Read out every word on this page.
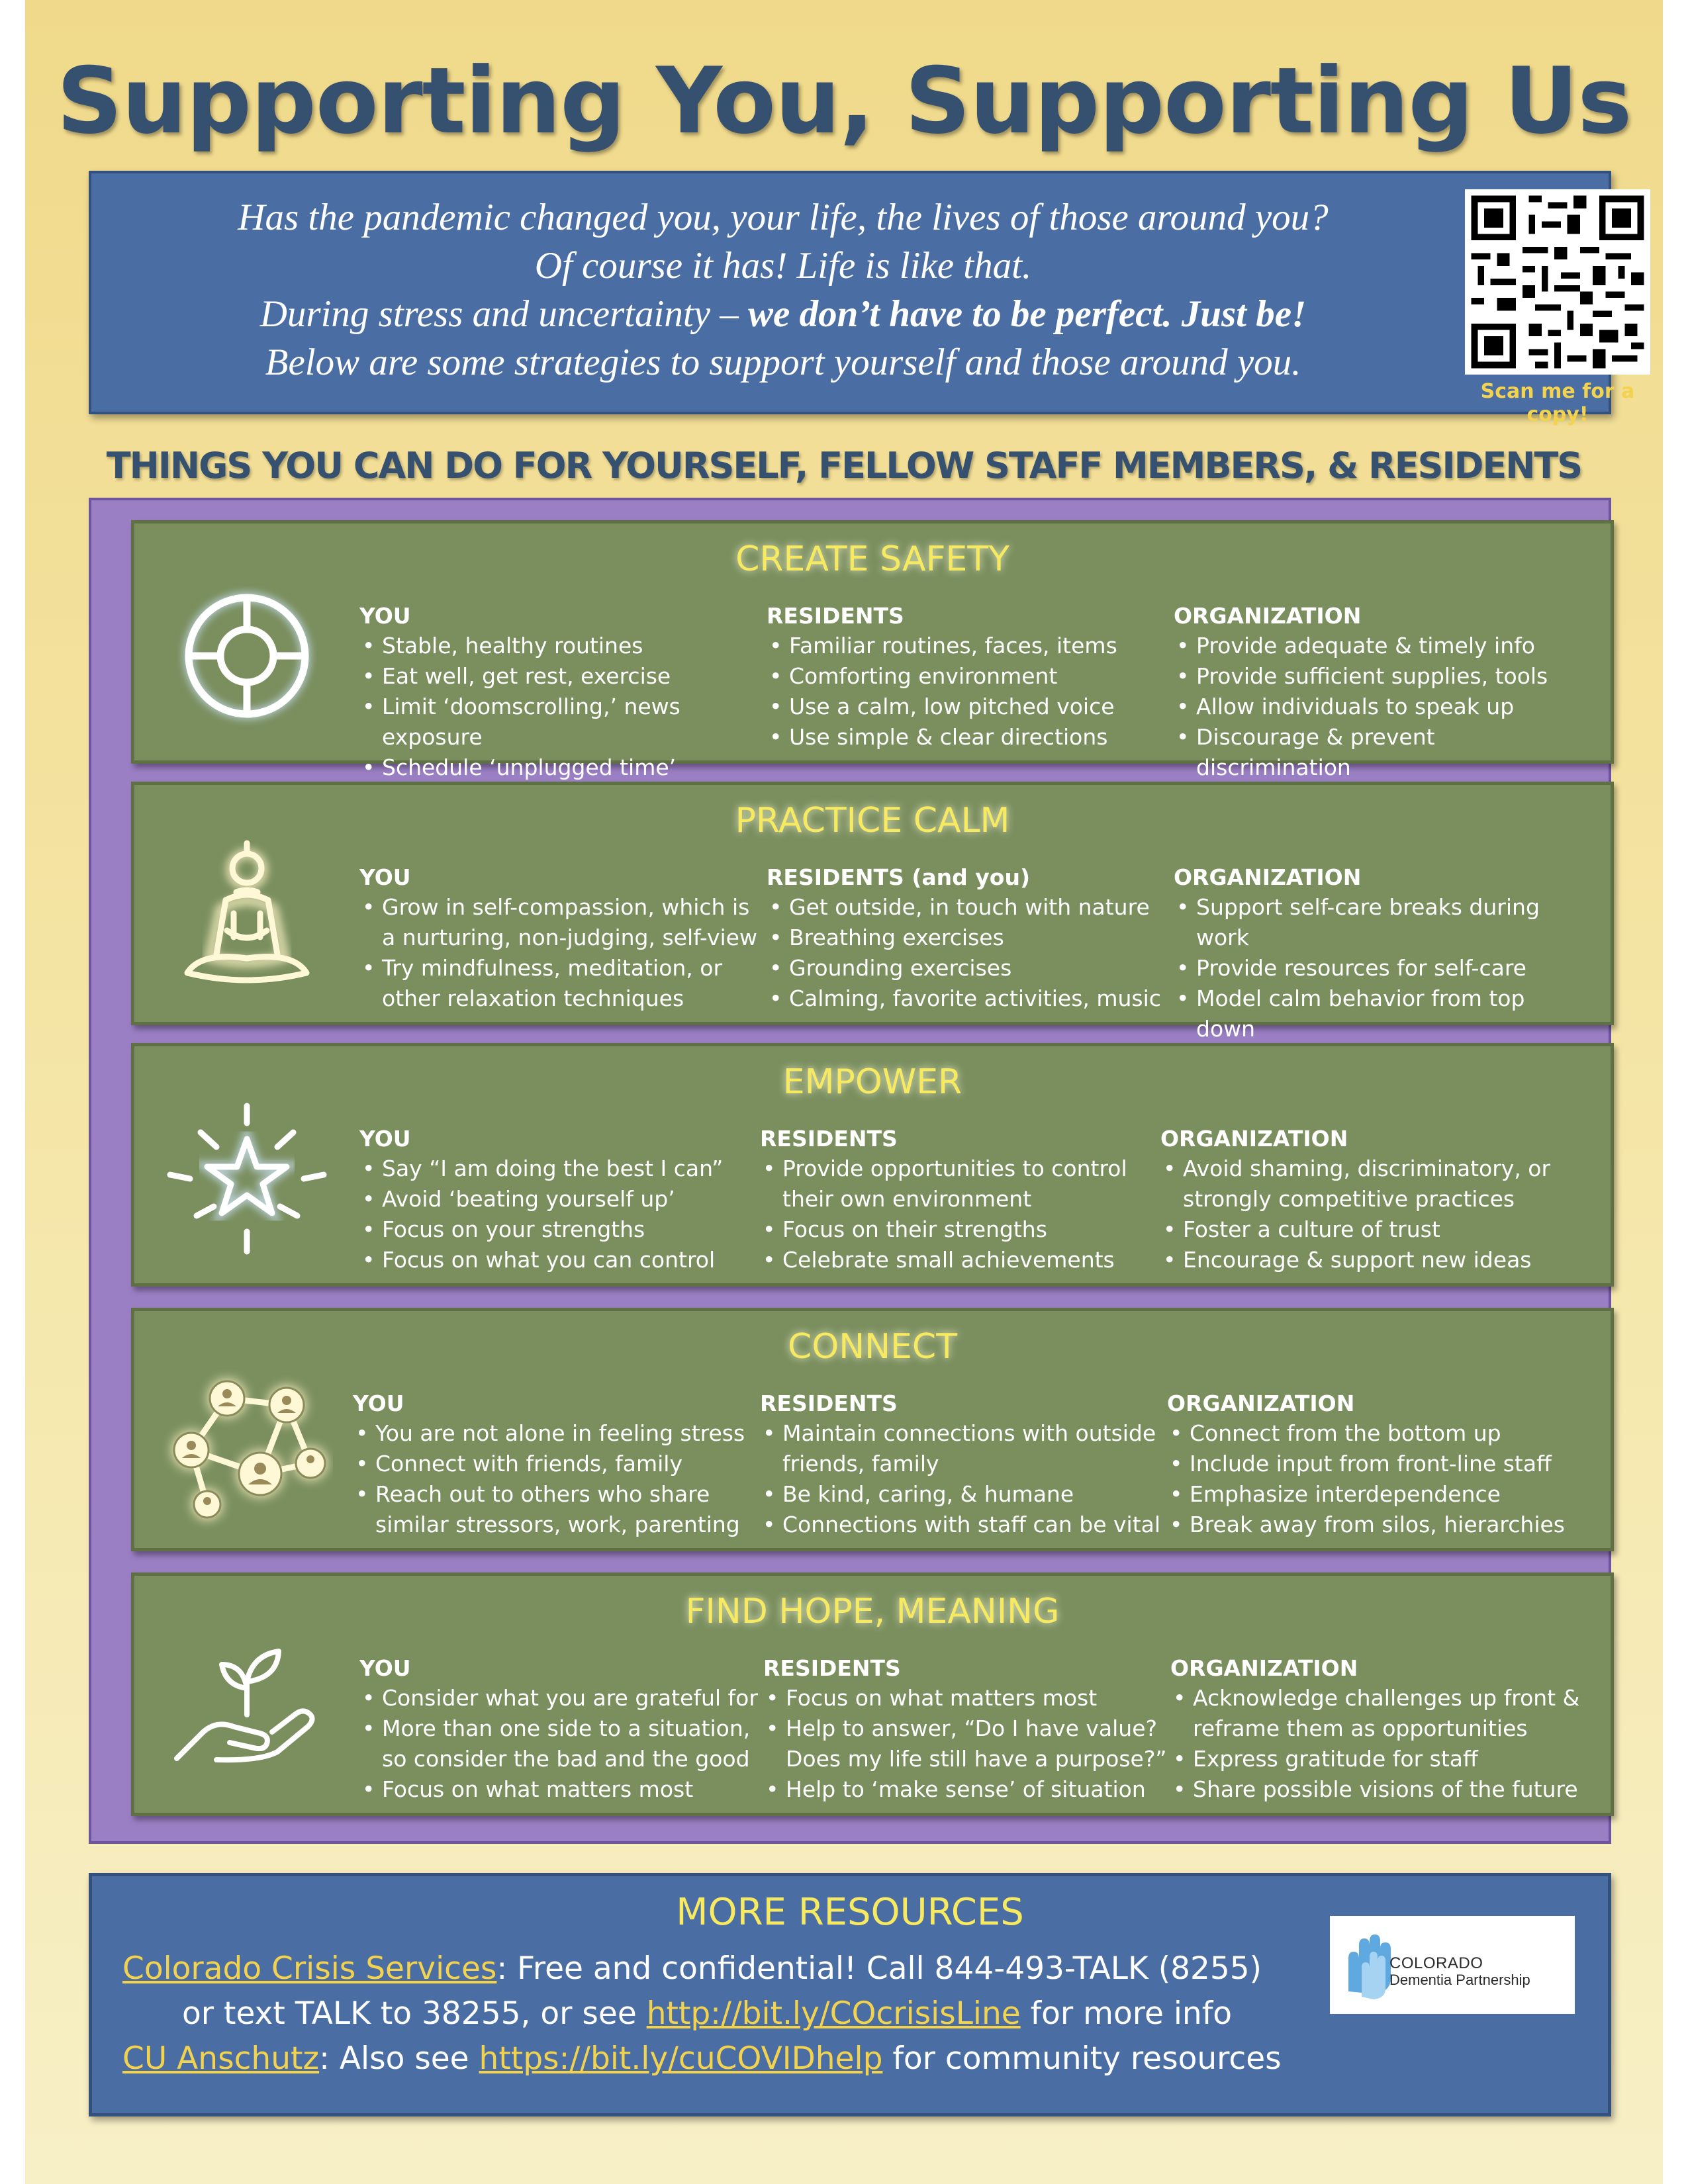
Supporting You, Supporting Us
Has the pandemic changed you, your life, the lives of those around you?
Of course it has! Life is like that.
During stress and uncertainty – we don’t have to be perfect. Just be!
Below are some strategies to support yourself and those around you.
Scan me for a copy!
THINGS YOU CAN DO FOR YOURSELF, FELLOW STAFF MEMBERS, & RESIDENTS
CREATE SAFETY
YOU
• Stable, healthy routines
• Eat well, get rest, exercise
• Limit ‘doomscrolling,’ news exposure
• Schedule ‘unplugged time’
RESIDENTS
• Familiar routines, faces, items
• Comforting environment
• Use a calm, low pitched voice
• Use simple & clear directions
ORGANIZATION
• Provide adequate & timely info
• Provide sufficient supplies, tools
• Allow individuals to speak up
• Discourage & prevent discrimination
PRACTICE CALM
YOU
• Grow in self-compassion, which is a nurturing, non-judging, self-view
• Try mindfulness, meditation, or other relaxation techniques
RESIDENTS (and you)
• Get outside, in touch with nature
• Breathing exercises
• Grounding exercises
• Calming, favorite activities, music
ORGANIZATION
• Support self-care breaks during work
• Provide resources for self-care
• Model calm behavior from top down
•
EMPOWER
YOU
• Say “I am doing the best I can”
• Avoid ‘beating yourself up’
• Focus on your strengths
• Focus on what you can control
RESIDENTS
• Provide opportunities to control their own environment
• Focus on their strengths
• Celebrate small achievements
ORGANIZATION
• Avoid shaming, discriminatory, or strongly competitive practices
• Foster a culture of trust
• Encourage & support new ideas
CONNECT
YOU
• You are not alone in feeling stress
• Connect with friends, family
• Reach out to others who share similar stressors, work, parenting
RESIDENTS
• Maintain connections with outside friends, family
• Be kind, caring, & humane
• Connections with staff can be vital
ORGANIZATION
• Connect from the bottom up
• Include input from front-line staff
• Emphasize interdependence
• Break away from silos, hierarchies
FIND HOPE, MEANING
YOU
• Consider what you are grateful for
• More than one side to a situation, so consider the bad and the good
• Focus on what matters most
RESIDENTS
• Focus on what matters most
• Help to answer, “Do I have value? Does my life still have a purpose?”
• Help to ‘make sense’ of situation
ORGANIZATION
• Acknowledge challenges up front & reframe them as opportunities
• Express gratitude for staff
• Share possible visions of the future
MORE RESOURCES
Colorado Crisis Services: Free and confidential! Call 844-493-TALK (8255)
or text TALK to 38255, or see http://bit.ly/COcrisisLine for more info
CU Anschutz: Also see https://bit.ly/cuCOVIDhelp for community resources
COLORADO
Dementia Partnership
